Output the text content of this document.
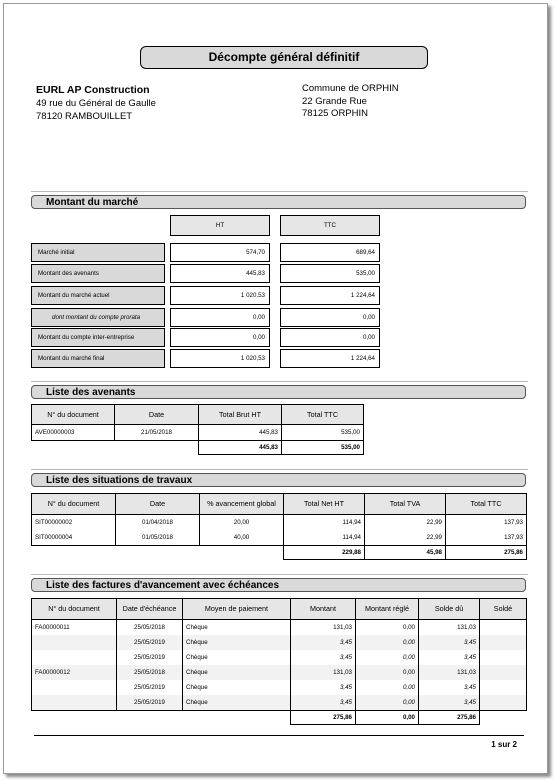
Décompte général définitif
EURL AP Construction
49 rue du Général de Gaulle
78120 RAMBOUILLET
Commune de ORPHIN
22 Grande Rue
78125 ORPHIN
Montant du marché
HT	TTC
Marché initial	574,70	689,64
Montant des avenants	445,83	535,00
Montant du marché actuel	1 020,53	1 224,64
dont montant du compte prorata	0,00	0,00
Montant du compte inter-entreprise	0,00	0,00
Montant du marché final	1 020,53	1 224,64
Liste des avenants
N° du document	Date	Total Brut HT	Total TTC
AVE00000003	21/05/2018	445,83	535,00
		445,83	535,00
Liste des situations de travaux
N° du document	Date	% avancement global	Total Net HT	Total TVA	Total TTC
SIT00000002	01/04/2018	20,00	114,94	22,99	137,93
SIT00000004	01/05/2018	40,00	114,94	22,99	137,93
			229,88	45,98	275,86
Liste des factures d'avancement avec échéances
N° du document	Date d'échéance	Moyen de paiement	Montant	Montant réglé	Solde dû	Soldé
FA00000011	25/05/2018	Chèque	131,03	0,00	131,03	
	25/05/2019	Chèque	3,45	0,00	3,45	
	25/05/2019	Chèque	3,45	0,00	3,45	
FA00000012	25/05/2018	Chèque	131,03	0,00	131,03	
	25/05/2019	Chèque	3,45	0,00	3,45	
	25/05/2019	Chèque	3,45	0,00	3,45	
			275,86	0,00	275,86	
1 sur 2
